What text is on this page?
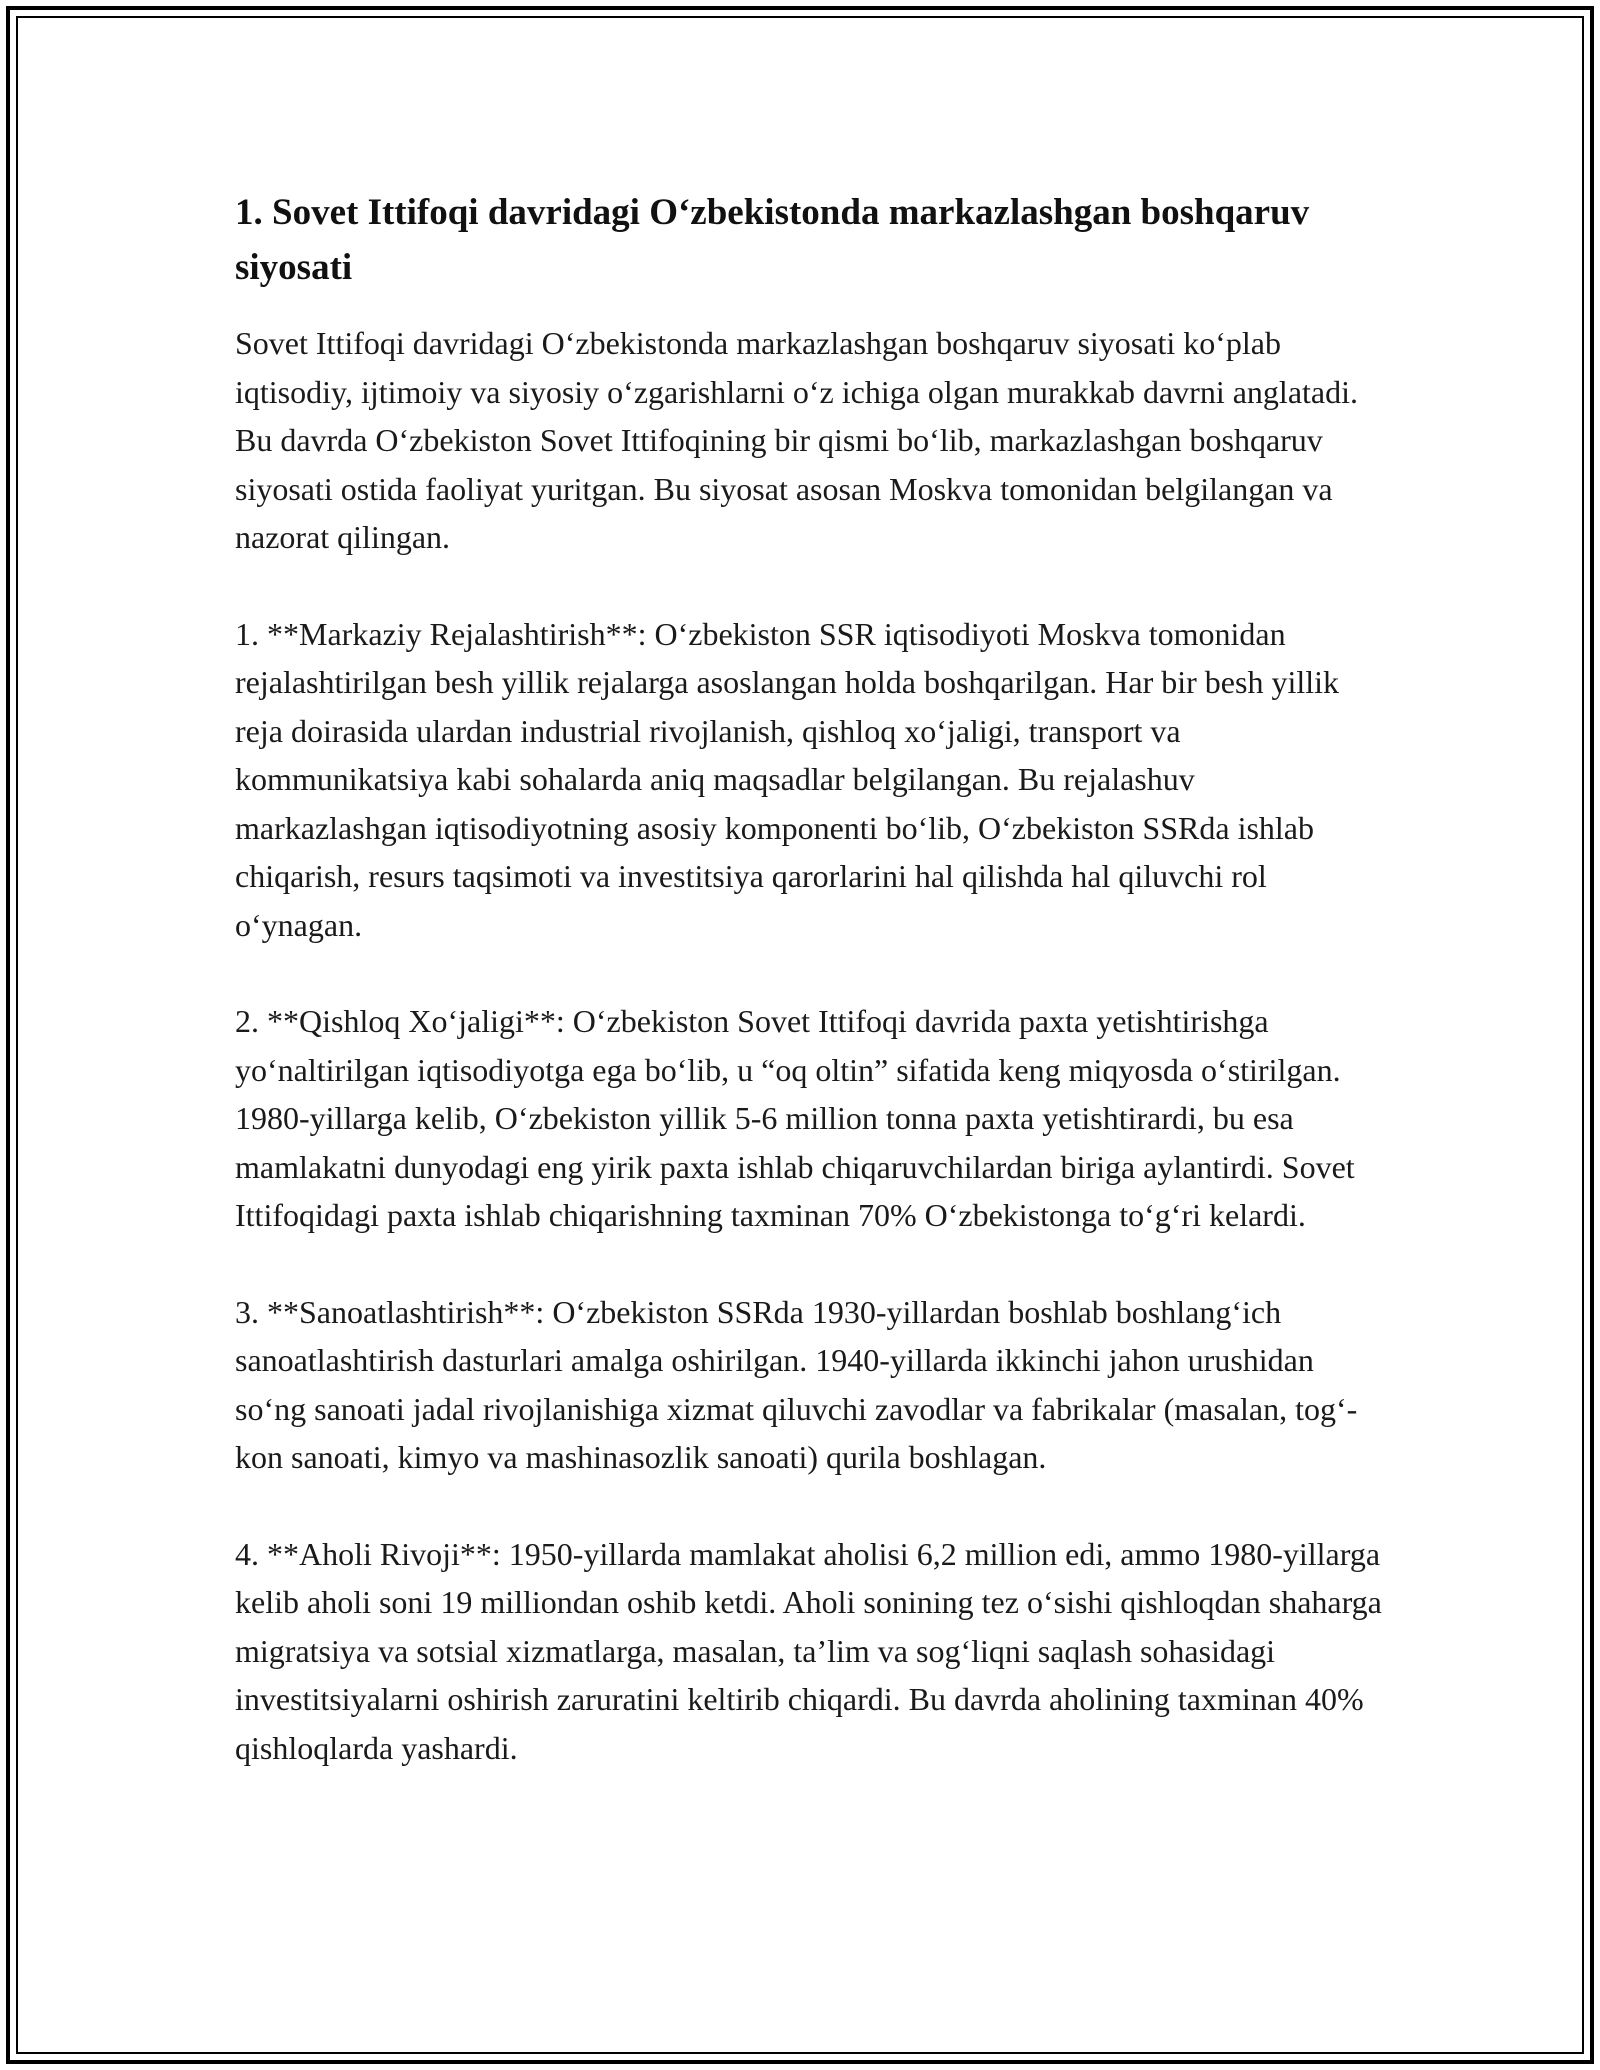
1. Sovet Ittifoqi davridagi O‘zbekistonda markazlashgan boshqaruv siyosati

Sovet Ittifoqi davridagi O‘zbekistonda markazlashgan boshqaruv siyosati ko‘plab iqtisodiy, ijtimoiy va siyosiy o‘zgarishlarni o‘z ichiga olgan murakkab davrni anglatadi. Bu davrda O‘zbekiston Sovet Ittifoqining bir qismi bo‘lib, markazlashgan boshqaruv siyosati ostida faoliyat yuritgan. Bu siyosat asosan Moskva tomonidan belgilangan va nazorat qilingan.

1. **Markaziy Rejalashtirish**: O‘zbekiston SSR iqtisodiyoti Moskva tomonidan rejalashtirilgan besh yillik rejalarga asoslangan holda boshqarilgan. Har bir besh yillik reja doirasida ulardan industrial rivojlanish, qishloq xo‘jaligi, transport va kommunikatsiya kabi sohalarda aniq maqsadlar belgilangan. Bu rejalashuv markazlashgan iqtisodiyotning asosiy komponenti bo‘lib, O‘zbekiston SSRda ishlab chiqarish, resurs taqsimoti va investitsiya qarorlarini hal qilishda hal qiluvchi rol o‘ynagan.

2. **Qishloq Xo‘jaligi**: O‘zbekiston Sovet Ittifoqi davrida paxta yetishtirishga yo‘naltirilgan iqtisodiyotga ega bo‘lib, u “oq oltin” sifatida keng miqyosda o‘stirilgan. 1980-yillarga kelib, O‘zbekiston yillik 5-6 million tonna paxta yetishtirardi, bu esa mamlakatni dunyodagi eng yirik paxta ishlab chiqaruvchilardan biriga aylantirdi. Sovet Ittifoqidagi paxta ishlab chiqarishning taxminan 70% O‘zbekistonga to‘g‘ri kelardi.

3. **Sanoatlashtirish**: O‘zbekiston SSRda 1930-yillardan boshlab boshlang‘ich sanoatlashtirish dasturlari amalga oshirilgan. 1940-yillarda ikkinchi jahon urushidan so‘ng sanoati jadal rivojlanishiga xizmat qiluvchi zavodlar va fabrikalar (masalan, tog‘-kon sanoati, kimyo va mashinasozlik sanoati) qurila boshlagan.

4. **Aholi Rivoji**: 1950-yillarda mamlakat aholisi 6,2 million edi, ammo 1980-yillarga kelib aholi soni 19 milliondan oshib ketdi. Aholi sonining tez o‘sishi qishloqdan shaharga migratsiya va sotsial xizmatlarga, masalan, ta’lim va sog‘liqni saqlash sohasidagi investitsiyalarni oshirish zaruratini keltirib chiqardi. Bu davrda aholining taxminan 40% qishloqlarda yashardi.
